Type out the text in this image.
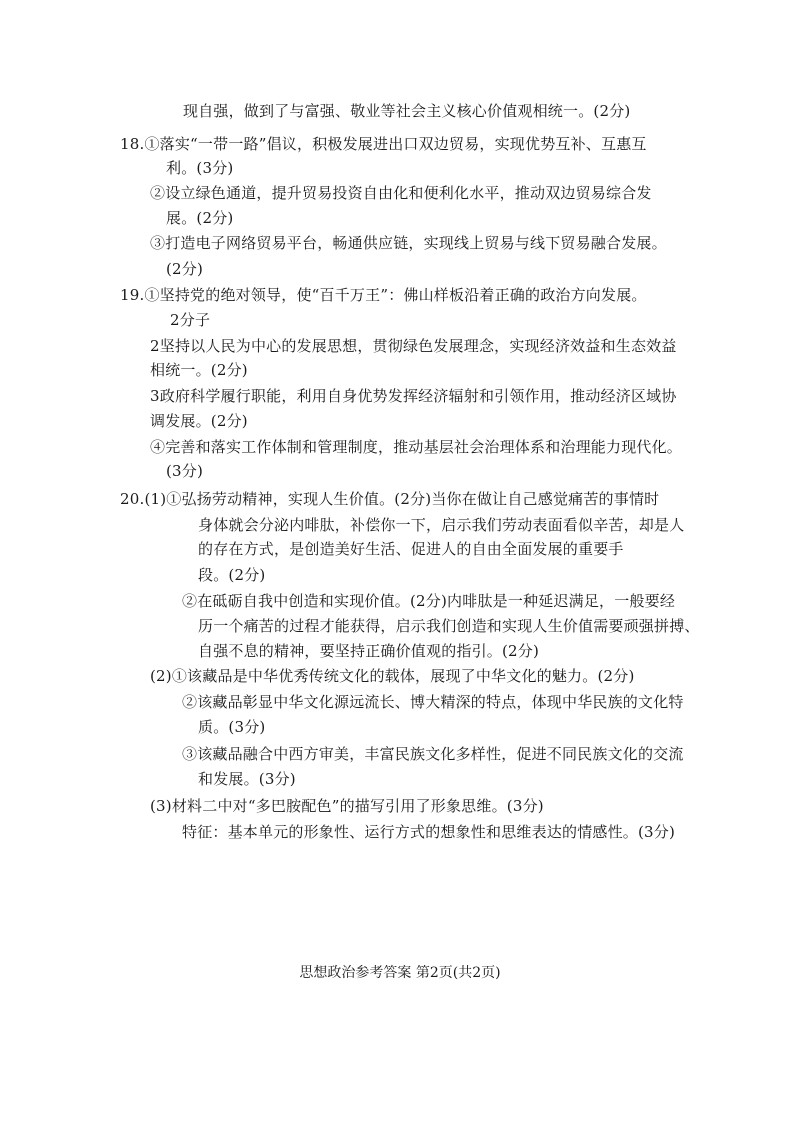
现自强，做到了与富强、敬业等社会主义核心价值观相统一。(2分)
18.①落实“一带一路”倡议，积极发展进出口双边贸易，实现优势互补、互惠互
利。(3分)
②设立绿色通道，提升贸易投资自由化和便利化水平，推动双边贸易综合发
展。(2分)
③打造电子网络贸易平台，畅通供应链，实现线上贸易与线下贸易融合发展。
(2分)
19.①坚持党的绝对领导，使“百千万王”：佛山样板沿着正确的政治方向发展。
2分子
2坚持以人民为中心的发展思想，贯彻绿色发展理念，实现经济效益和生态效益
相统一。(2分)
3政府科学履行职能，利用自身优势发挥经济辐射和引领作用，推动经济区域协
调发展。(2分)
④完善和落实工作体制和管理制度，推动基层社会治理体系和治理能力现代化。
(3分)
20.(1)①弘扬劳动精神，实现人生价值。(2分)当你在做让自己感觉痛苦的事情时
身体就会分泌内啡肽，补偿你一下，启示我们劳动表面看似辛苦，却是人
的存在方式，是创造美好生活、促进人的自由全面发展的重要手
段。(2分)
②在砥砺自我中创造和实现价值。(2分)内啡肽是一种延迟满足，一般要经
历一个痛苦的过程才能获得，启示我们创造和实现人生价值需要顽强拼搏、
自强不息的精神，要坚持正确价值观的指引。(2分)
(2)①该藏品是中华优秀传统文化的载体，展现了中华文化的魅力。(2分)
②该藏品彰显中华文化源远流长、博大精深的特点，体现中华民族的文化特
质。(3分)
③该藏品融合中西方审美，丰富民族文化多样性，促进不同民族文化的交流
和发展。(3分)
(3)材料二中对“多巴胺配色”的描写引用了形象思维。(3分)
特征：基本单元的形象性、运行方式的想象性和思维表达的情感性。(3分)
思想政治参考答案 第2页(共2页)
